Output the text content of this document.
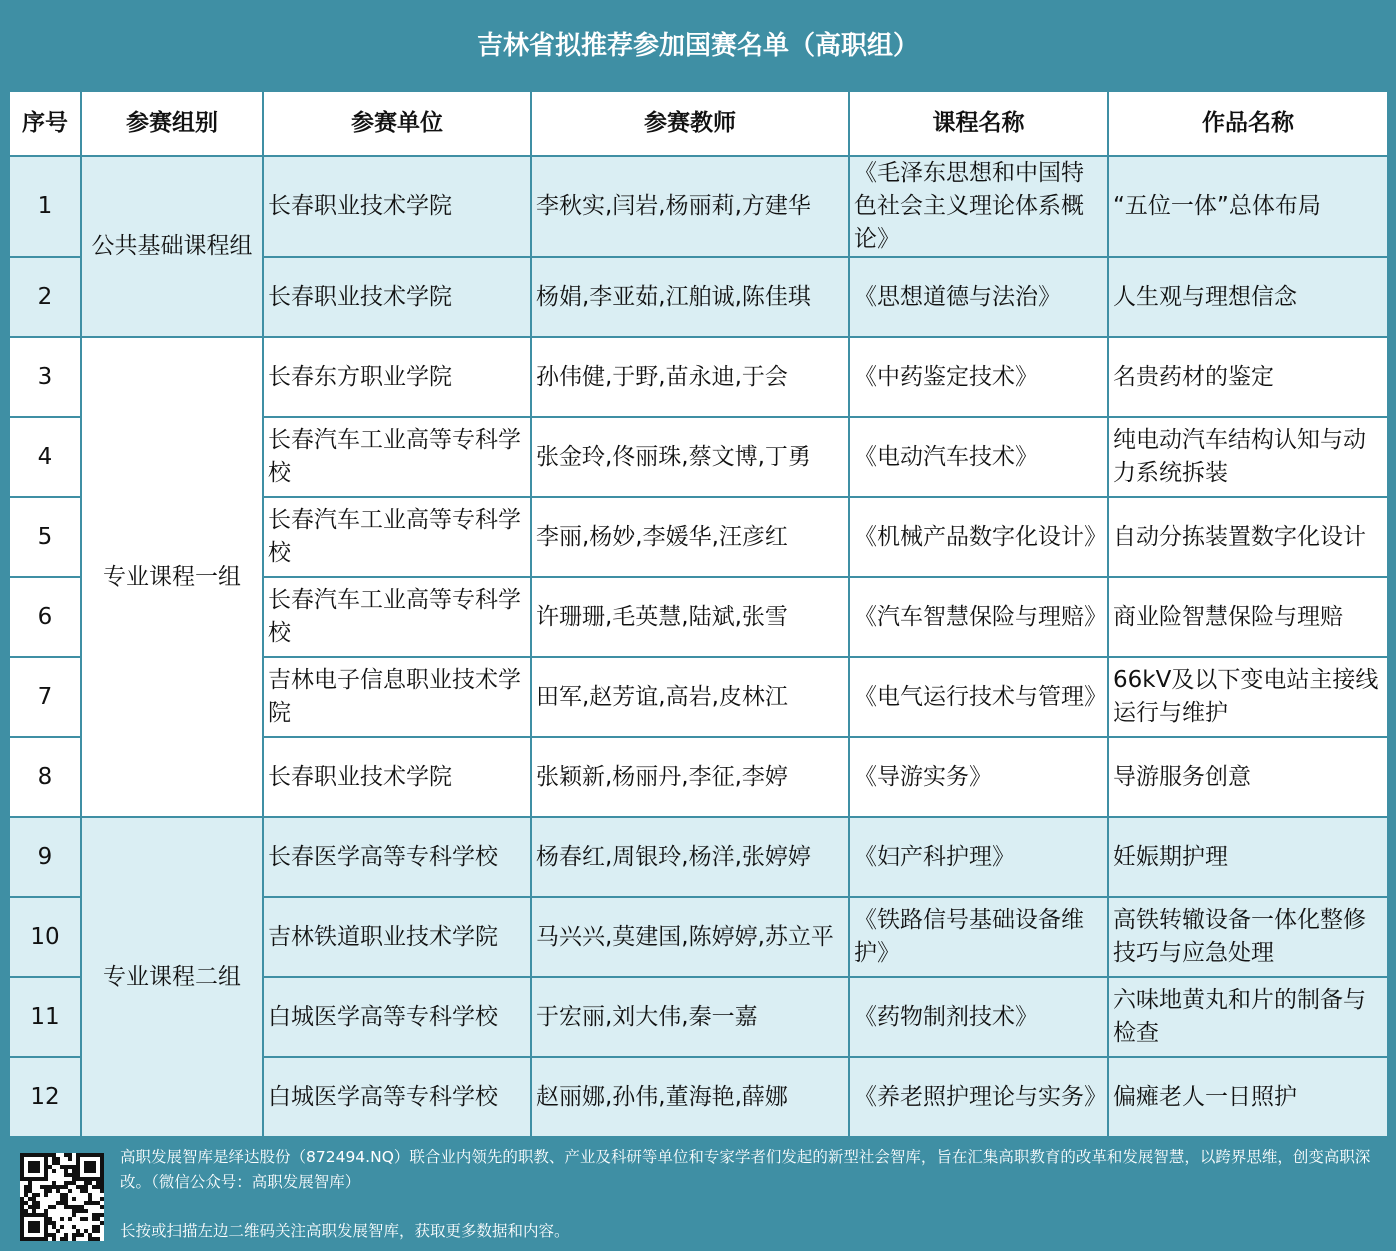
吉林省拟推荐参加国赛名单（高职组）
序号	参赛组别	参赛单位	参赛教师	课程名称	作品名称
1	公共基础课程组	长春职业技术学院	李秋实,闫岩,杨丽莉,方建华	《毛泽东思想和中国特色社会主义理论体系概论》	“五位一体”总体布局
2		长春职业技术学院	杨娟,李亚茹,江舶诚,陈佳琪	《思想道德与法治》	人生观与理想信念
3	专业课程一组	长春东方职业学院	孙伟健,于野,苗永迪,于会	《中药鉴定技术》	名贵药材的鉴定
4		长春汽车工业高等专科学校	张金玲,佟丽珠,蔡文博,丁勇	《电动汽车技术》	纯电动汽车结构认知与动力系统拆装
5		长春汽车工业高等专科学校	李丽,杨妙,李媛华,汪彦红	《机械产品数字化设计》	自动分拣装置数字化设计
6		长春汽车工业高等专科学校	许珊珊,毛英慧,陆斌,张雪	《汽车智慧保险与理赔》	商业险智慧保险与理赔
7		吉林电子信息职业技术学院	田军,赵芳谊,高岩,皮林江	《电气运行技术与管理》	66kV及以下变电站主接线运行与维护
8		长春职业技术学院	张颖新,杨丽丹,李征,李婷	《导游实务》	导游服务创意
9	专业课程二组	长春医学高等专科学校	杨春红,周银玲,杨洋,张婷婷	《妇产科护理》	妊娠期护理
10		吉林铁道职业技术学院	马兴兴,莫建国,陈婷婷,苏立平	《铁路信号基础设备维护》	高铁转辙设备一体化整修技巧与应急处理
11		白城医学高等专科学校	于宏丽,刘大伟,秦一嘉	《药物制剂技术》	六味地黄丸和片的制备与检查
12		白城医学高等专科学校	赵丽娜,孙伟,董海艳,薛娜	《养老照护理论与实务》	偏瘫老人一日照护
高职发展智库是绎达股份（872494.NQ）联合业内领先的职教、产业及科研等单位和专家学者们发起的新型社会智库，旨在汇集高职教育的改革和发展智慧，以跨界思维，创变高职深改。（微信公众号：高职发展智库）
长按或扫描左边二维码关注高职发展智库，获取更多数据和内容。
